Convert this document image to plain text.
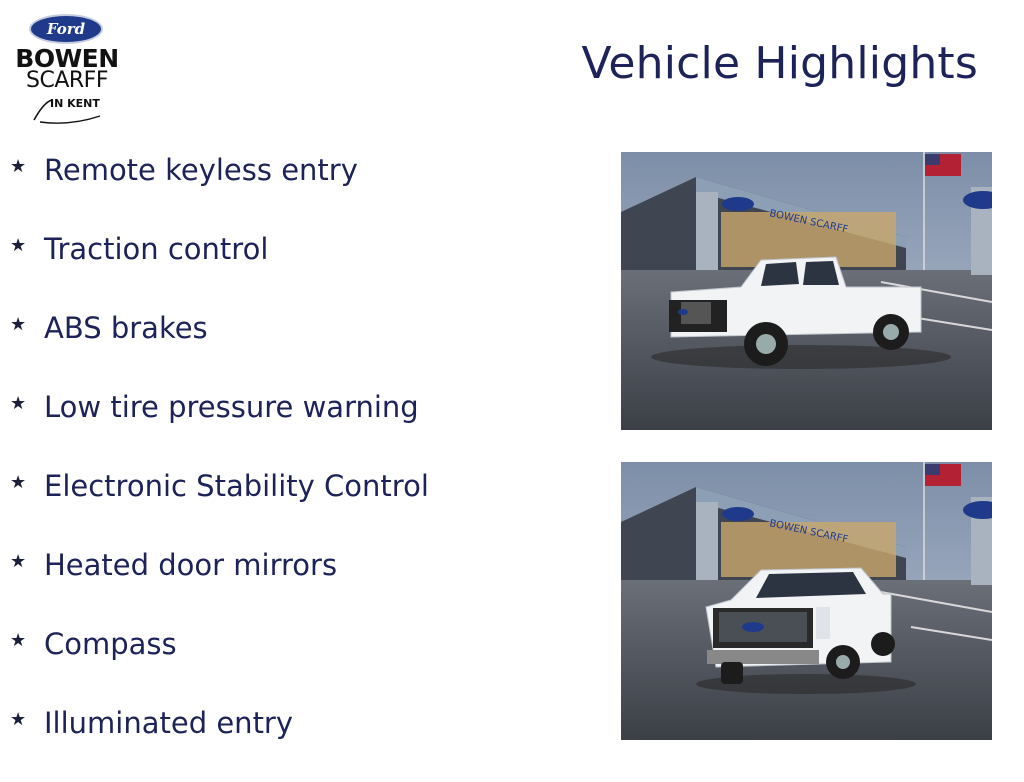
Ford
BOWEN
SCARFF
IN KENT
Vehicle Highlights
★ Remote keyless entry
★ Traction control
★ ABS brakes
★ Low tire pressure warning
★ Electronic Stability Control
★ Heated door mirrors
★ Compass
★ Illuminated entry
BOWEN SCARFF
BOWEN SCARFF
